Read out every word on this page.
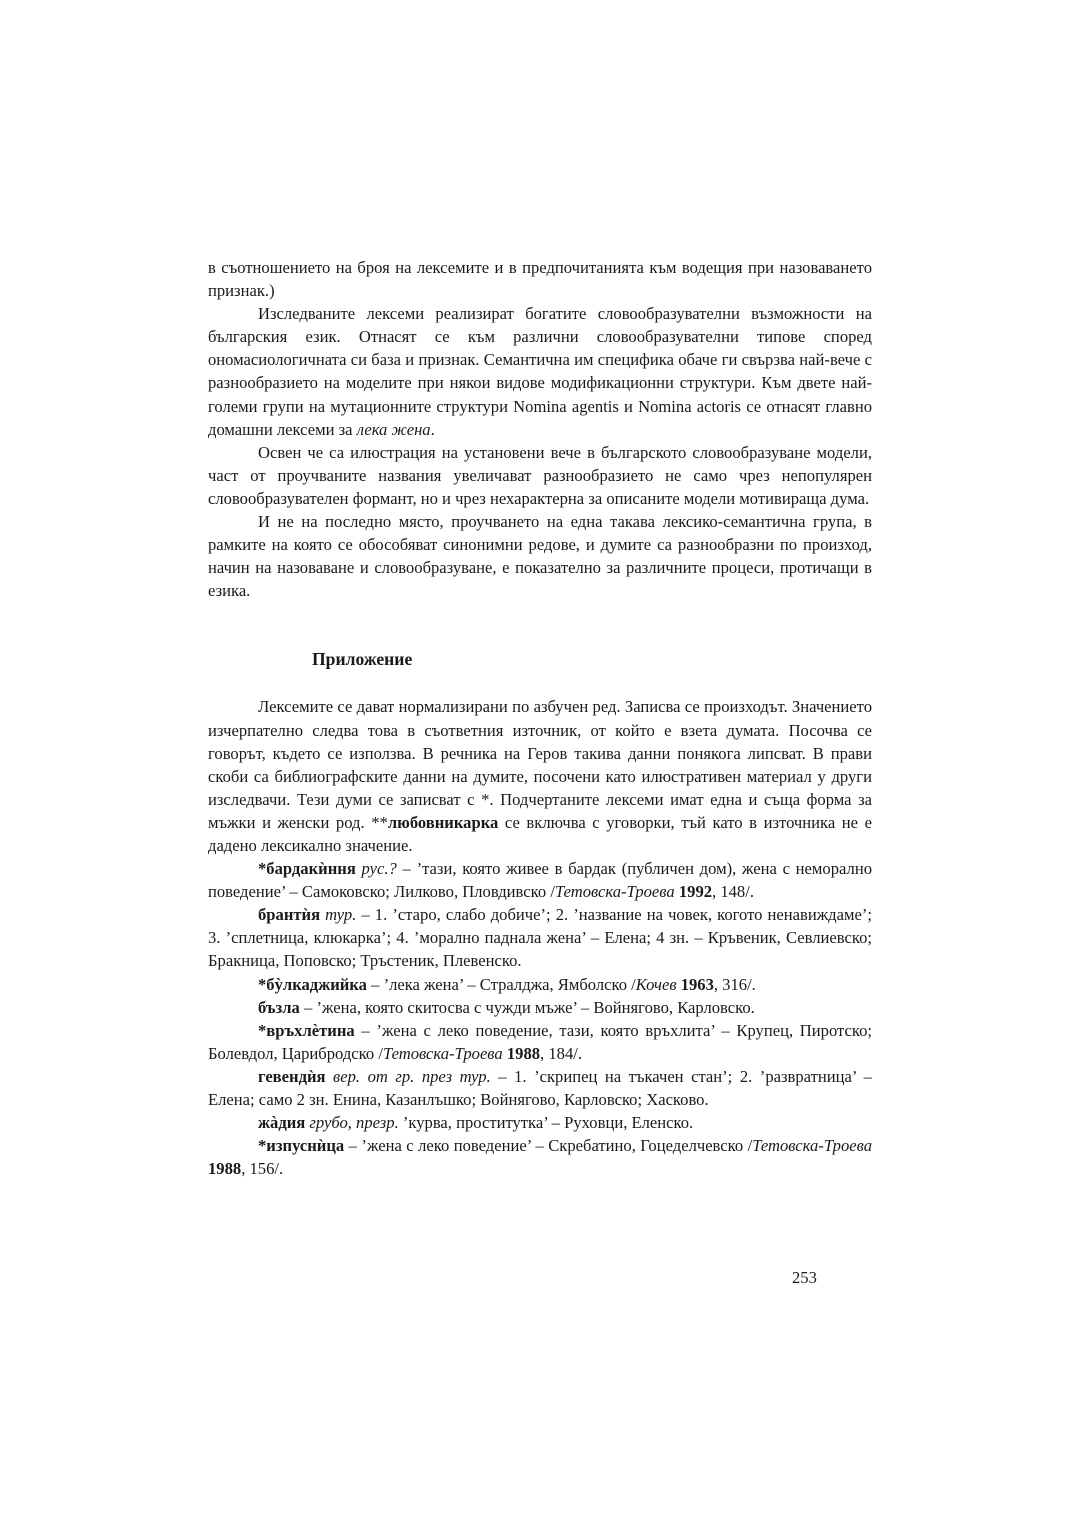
в съотношението на броя на лексемите и в предпочитанията към водещия при назоваването признак.)

Изследваните лексеми реализират богатите словообразувателни възможности на българския език. Отнасят се към различни словообразувателни типове според ономасиологичната си база и признак. Семантична им специфика обаче ги свързва най-вече с разнообразието на моделите при някои видове модификационни структури. Към двете най-големи групи на мутационните структури Nomina agentis и Nomina actoris се отнасят главно домашни лексеми за лека жена.

Освен че са илюстрация на установени вече в българското словообразуване модели, част от проучваните названия увеличават разнообразието не само чрез непопулярен словообразувателен формант, но и чрез нехарактерна за описаните модели мотивираща дума.

И не на последно място, проучването на една такава лексико-семантична група, в рамките на която се обособяват синонимни редове, и думите са разнообразни по произход, начин на назоваване и словообразуване, е показателно за различните процеси, протичащи в езика.

Приложение

Лексемите се дават нормализирани по азбучен ред. Записва се произходът. Значението изчерпателно следва това в съответния източник, от който е взета думата. Посочва се говорът, където се използва. В речника на Геров такива данни понякога липсват. В прави скоби са библиографските данни на думите, посочени като илюстративен материал у други изследвачи. Тези думи се записват с *. Подчертаните лексеми имат една и съща форма за мъжки и женски род. **любовникарка се включва с уговорки, тъй като в източника не е дадено лексикално значение.

*бардакѝння рус.? – ’тази, която живее в бардак (публичен дом), жена с неморално поведение’ – Самоковско; Лилково, Пловдивско /Тетовска-Троева 1992, 148/.

брантѝя тур. – 1. ’старо, слабо добиче’; 2. ’название на човек, когото ненавиждаме’; 3. ’сплетница, клюкарка’; 4. ’морално паднала жена’ – Елена; 4 зн. – Кръвеник, Севлиевско; Бракница, Поповско; Тръстеник, Плевенско.

*бỳлкаджийка – ’лека жена’ – Стралджа, Ямболско /Кочев 1963, 316/.

бъзла – ’жена, която скитосва с чужди мъже’ – Войнягово, Карловско.

*връхлѐтина – ’жена с леко поведение, тази, която връхлита’ – Крупец, Пиротско; Болевдол, Царибродско /Тетовска-Троева 1988, 184/.

гевендѝя вер. от гр. през тур. – 1. ’скрипец на тъкачен стан’; 2. ’развратница’ – Елена; само 2 зн. Енина, Казанлъшко; Войнягово, Карловско; Хасково.

жàдия грубо, презр. ’курва, проститутка’ – Руховци, Еленско.

*изпуснѝца – ’жена с леко поведение’ – Скребатино, Гоцеделчевско /Тетовска-Троева 1988, 156/.

253
